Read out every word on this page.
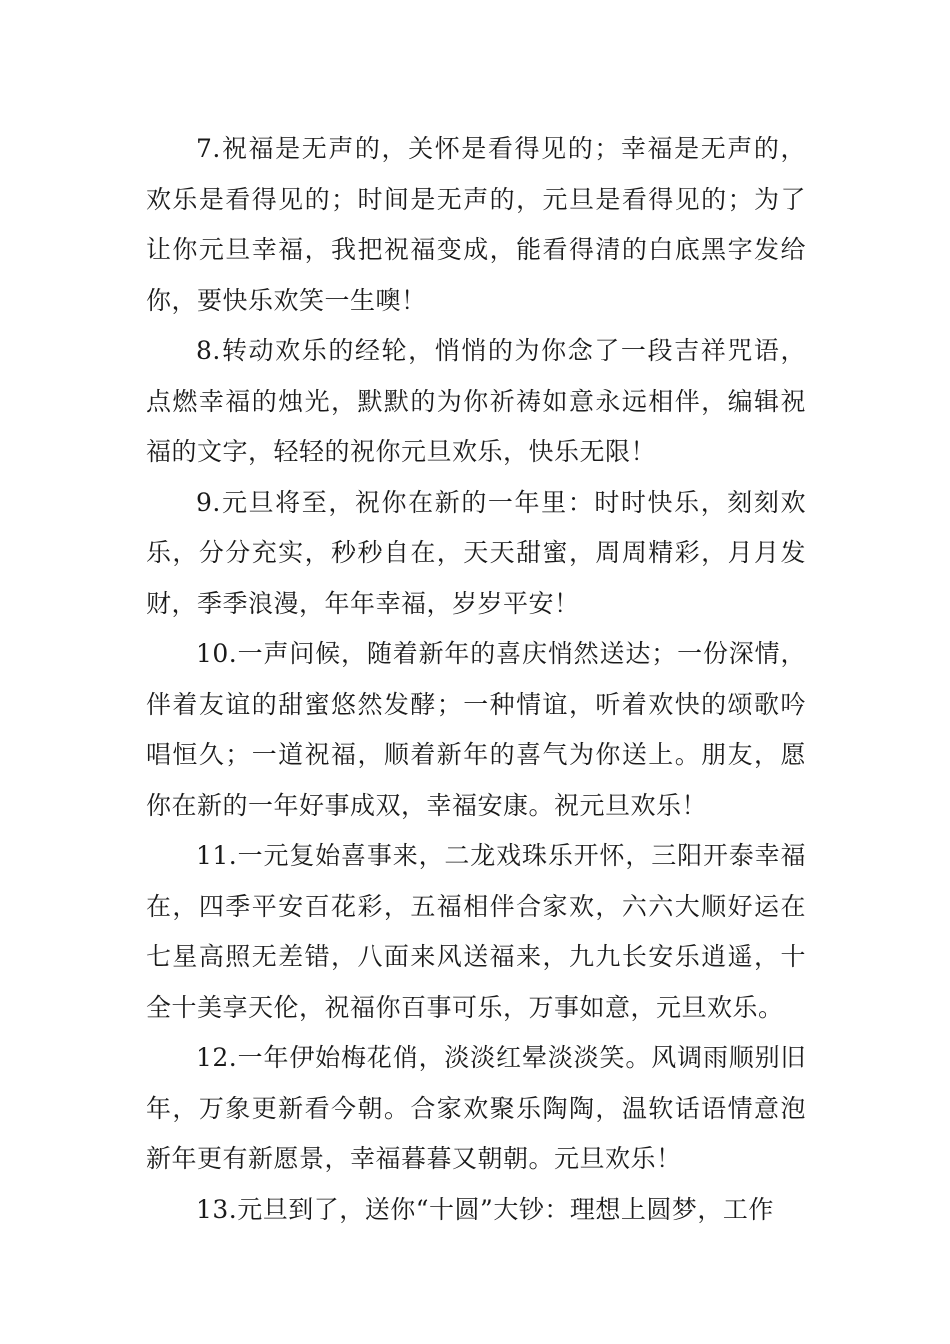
7.祝福是无声的，关怀是看得见的；幸福是无声的，欢乐是看得见的；时间是无声的，元旦是看得见的；为了让你元旦幸福，我把祝福变成，能看得清的白底黑字发给你，要快乐欢笑一生噢！

8.转动欢乐的经轮，悄悄的为你念了一段吉祥咒语，点燃幸福的烛光，默默的为你祈祷如意永远相伴，编辑祝福的文字，轻轻的祝你元旦欢乐，快乐无限！

9.元旦将至，祝你在新的一年里：时时快乐，刻刻欢乐，分分充实，秒秒自在，天天甜蜜，周周精彩，月月发财，季季浪漫，年年幸福，岁岁平安！

10.一声问候，随着新年的喜庆悄然送达；一份深情，伴着友谊的甜蜜悠然发酵；一种情谊，听着欢快的颂歌吟唱恒久；一道祝福，顺着新年的喜气为你送上。朋友，愿你在新的一年好事成双，幸福安康。祝元旦欢乐！

11.一元复始喜事来，二龙戏珠乐开怀，三阳开泰幸福在，四季平安百花彩，五福相伴合家欢，六六大顺好运在七星高照无差错，八面来风送福来，九九长安乐逍遥，十全十美享天伦，祝福你百事可乐，万事如意，元旦欢乐。

12.一年伊始梅花俏，淡淡红晕淡淡笑。风调雨顺别旧年，万象更新看今朝。合家欢聚乐陶陶，温软话语情意泡新年更有新愿景，幸福暮暮又朝朝。元旦欢乐！

13.元旦到了，送你“十圆”大钞：理想上圆梦，工作
